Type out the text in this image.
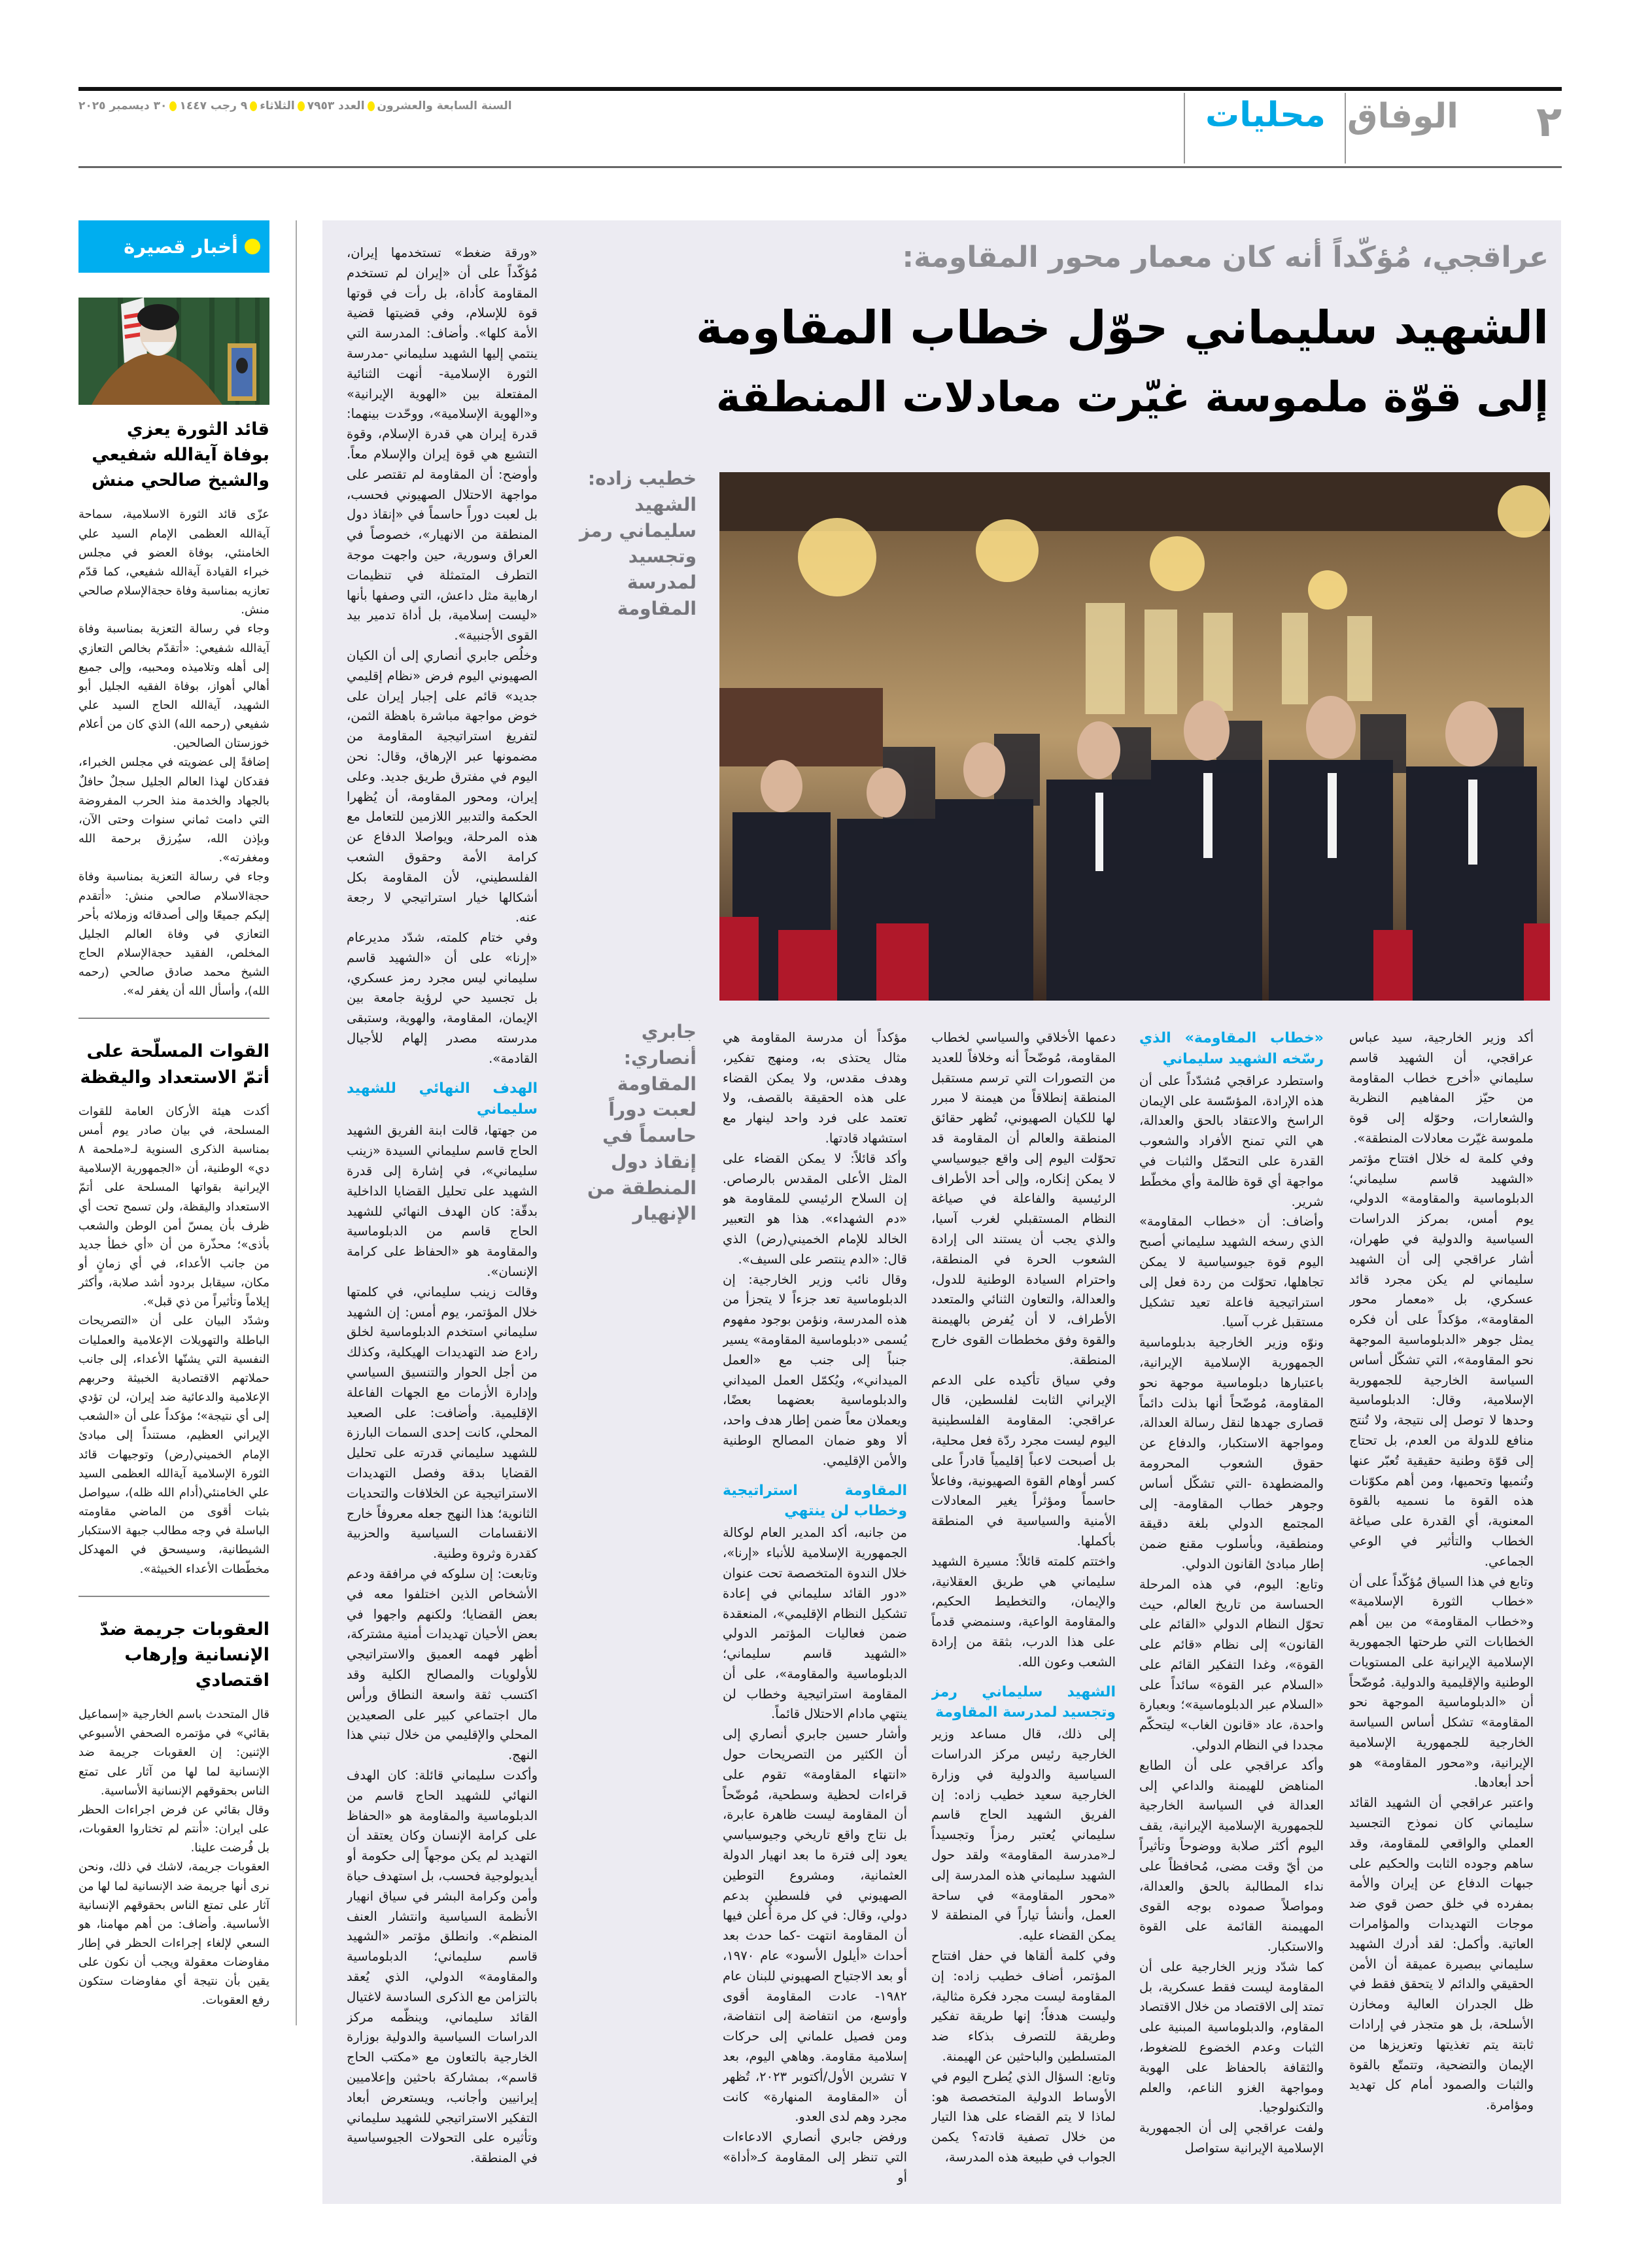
٢
الوفاق
محليات
السنة السابعة والعشرونالعدد ٧٩٥٣الثلاثاء٩ رجب ١٤٤٧٣٠ ديسمبر ٢٠٢٥
أخبار قصيرة
قائد الثورة يعزي بوفاة آيةالله شفيعي والشيخ صالحي منش

عزّى قائد الثورة الاسلامية، سماحة آيةالله العظمى الإمام السيد علي الخامنئي، بوفاة العضو في مجلس خبراء القيادة آيةالله شفيعي، كما قدّم تعازيه بمناسبة وفاة حجةالإسلام صالحي منش.

وجاء في رسالة التعزية بمناسبة وفاة آيةالله شفيعي: «أتقدّم بخالص التعازي إلى أهله وتلاميذه ومحبيه، وإلى جميع أهالي أهواز، بوفاة الفقيه الجليل أبو الشهيد، آيةالله الحاج السيد علي شفيعي (رحمه الله) الذي كان من أعلام خوزستان الصالحين.

إضافةً إلى عضويته في مجلس الخبراء، فقدكان لهذا العالم الجليل سجلٌ حافلٌ بالجهاد والخدمة منذ الحرب المفروضة التي دامت ثماني سنوات وحتى الآن، وبإذن الله، سيُرزق برحمة الله ومغفرته».

وجاء في رسالة التعزية بمناسبة وفاة حجةالاسلام صالحي منش: «أتقدم إليكم جميعًا وإلى أصدقائه وزملائه بأحر التعازي في وفاة العالم الجليل المخلص، الفقيد حجةالإسلام الحاج الشيخ محمد صادق صالحي (رحمه الله)، وأسأل الله أن يغفر له».

القوات المسلّحة على أتمّ الاستعداد واليقظة

أكدت هيئة الأركان العامة للقوات المسلحة، في بيان صادر يوم أمس بمناسبة الذكرى السنوية لـ«ملحمة ٨ دي» الوطنية، أن «الجمهورية الإسلامية الإيرانية بقواتها المسلحة على أتمّ الاستعداد واليقظة، ولن تسمح تحت أي ظرف بأن يمسّ أمن الوطن والشعب بأذى»؛ محذّرة من أن «أي خطأ جديد من جانب الأعداء، في أي زمانٍ أو مكان، سيقابل بردود أشد صلابة، وأكثر إيلاماً وتأثيراً من ذي قبل».

وشدّد البيان على أن «التصريحات الباطلة والتهويلات الإعلامية والعمليات النفسية التي يشنّها الأعداء، إلى جانب حملاتهم الاقتصادية الخبيثة وحربهم الإعلامية والدعائية ضد إيران، لن تؤدي إلى أي نتيجة»؛ مؤكداً على أن «الشعب الإيراني العظيم، مستنداً إلى مبادئ الإمام الخميني(رض) وتوجيهات قائد الثورة الإسلامية آيةالله العظمى السيد علي الخامنئي(أدام الله ظله)، سيواصل بثبات أقوى من الماضي مقاومته الباسلة في وجه مطالب جبهة الاستكبار الشيطانية، وسيسحق في المهدكل مخطّطات الأعداء الخبيثة».

العقوبات جريمة ضدّ الإنسانية وإرهاب اقتصادي

قال المتحدث باسم الخارجية «إسماعيل بقائي» في مؤتمره الصحفي الأسبوعي الإثنين: إن العقوبات جريمة ضد الإنسانية لما لها من آثار على تمتع الناس بحقوقهم الإنسانية الأساسية.

وقال بقائي عن فرض اجراءات الحظر على ايران: «أنتم لم تختاروا العقوبات، بل فُرضت علينا.

العقوبات جريمة، لاشك في ذلك، ونحن نرى أنها جريمة ضد الإنسانية لما لها من آثار على تمتع الناس بحقوقهم الإنسانية الأساسية. وأضاف: من أهم مهامنا، هو السعي لإلغاء إجراءات الحظر في إطار مفاوضات معقولة ويجب أن نكون على يقين بأن نتيجة أي مفاوضات ستكون رفع العقوبات.

عراقجي، مُؤكّداً أنه كان معمار محور المقاومة:
الشهيد سليماني حوّل خطاب المقاومة
إلى قوّة ملموسة غيّرت معادلات المنطقة
خطيب زاده: الشهيد سليماني رمز وتجسيد لمدرسة المقاومة
جابري أنصاري: المقاومة لعبت دوراً حاسماً في إنقاذ دول المنطقة من الإنهيار

«ورقة ضغط» تستخدمها إيران، مُؤكّداً على أن «إيران لم تستخدم المقاومة كأداة، بل رأت في قوتها قوة للإسلام، وفي قضيتها قضية الأمة كلها». وأضاف: المدرسة التي ينتمي إليها الشهيد سليماني -مدرسة الثورة الإسلامية- أنهت الثنائية المفتعلة بين «الهوية الإيرانية» و«الهوية الإسلامية»، ووحّدت بينهما: قدرة إيران هي قدرة الإسلام، وقوة التشيع هي قوة إيران والإسلام معاً. وأوضح: أن المقاومة لم تقتصر على مواجهة الاحتلال الصهيوني فحسب، بل لعبت دوراً حاسماً في «إنقاذ دول المنطقة من الانهيار»، خصوصاً في العراق وسورية، حين واجهت موجة التطرف المتمثلة في تنظيمات ارهابية مثل داعش، التي وصفها بأنها «ليست إسلامية، بل أداة تدمير بيد القوى الأجنبية».

وخلُص جابري أنصاري إلى أن الكيان الصهيوني اليوم فرض «نظام إقليمي جديد» قائم على إجبار إيران على خوض مواجهة مباشرة باهظة الثمن، لتفريغ استراتيجية المقاومة من مضمونها عبر الإرهاق، وقال: نحن اليوم في مفترق طريق جديد. وعلى إيران، ومحور المقاومة، أن يُظهرا الحكمة والتدبير اللازمين للتعامل مع هذه المرحلة، ويواصلا الدفاع عن كرامة الأمة وحقوق الشعب الفلسطيني، لأن المقاومة بكل أشكالها خيار استراتيجي لا رجعة عنه.

وفي ختام كلمته، شدّد مديرعام «إرنا» على أن «الشهيد قاسم سليماني ليس مجرد رمز عسكري، بل تجسيد حي لرؤية جامعة بين الإيمان، المقاومة، والهوية، وستبقى مدرسته مصدر إلهام للأجيال القادمة».

الهدف النهائي للشهيد سليماني

من جهتها، قالت ابنة الفريق الشهيد الحاج قاسم سليماني السيدة «زينب سليماني»، في إشارة إلى قدرة الشهيد على تحليل القضايا الداخلية بدقّة: كان الهدف النهائي للشهيد الحاج قاسم من الدبلوماسية والمقاومة هو «الحفاظ على كرامة الإنسان».

وقالت زينب سليماني، في كلمتها خلال المؤتمر، يوم أمس: إن الشهيد سليماني استخدم الدبلوماسية لخلق رادع ضد التهديدات الهيكلية، وكذلك من أجل الحوار والتنسيق السياسي وإدارة الأزمات مع الجهات الفاعلة الإقليمية. وأضافت: على الصعيد المحلي، كانت إحدى السمات البارزة للشهيد سليماني قدرته على تحليل القضايا بدقة وفصل التهديدات الاستراتيجية عن الخلافات والتحديات الثانوية؛ هذا النهج جعله معروفاً خارج الانقسامات السياسية والحزبية كقدرة وثروة وطنية.

وتابعت: إن سلوكه في مرافقة ودعم الأشخاص الذين اختلفوا معه في بعض القضايا؛ ولكنهم واجهوا في بعض الأحيان تهديدات أمنية مشتركة، أظهر فهمه العميق والاستراتيجي للأولويات والمصالح الكلية وقد اكتسب ثقة واسعة النطاق ورأس مال اجتماعي كبير على الصعيدين المحلي والإقليمي من خلال تبني هذا النهج.

وأكدت سليماني قائلة: كان الهدف النهائي للشهيد الحاج قاسم من الدبلوماسية والمقاومة هو «الحفاظ على كرامة الإنسان وكان يعتقد أن التهديد لم يكن موجهاً إلى حكومة أو أيديولوجية فحسب، بل استهدف حياة وأمن وكرامة البشر في سياق انهيار الأنظمة السياسية وانتشار العنف المنظم». وانطلق مؤتمر «الشهيد قاسم سليماني؛ الدبلوماسية والمقاومة» الدولي، الذي يُعقد بالتزامن مع الذكرى السادسة لاغتيال القائد سليماني، وينظّمه مركز الدراسات السياسية والدولية بوزارة الخارجية بالتعاون مع «مكتب الحاج قاسم»، بمشاركة باحثين وإعلاميين إيرانيين وأجانب، ويستعرض أبعاد التفكير الاستراتيجي للشهيد سليماني وتأثيره على التحولات الجيوسياسية في المنطقة.

أكد وزير الخارجية، سيد عباس عراقجي، أن الشهيد قاسم سليماني «أخرج خطاب المقاومة من حيّز المفاهيم النظرية والشعارات، وحوّله إلى قوة ملموسة غيّرت معادلات المنطقة».

وفي كلمة له خلال افتتاح مؤتمر «الشهيد قاسم سليماني؛ الدبلوماسية والمقاومة» الدولي، يوم أمس، بمركز الدراسات السياسية والدولية في طهران، أشار عراقجي إلى أن الشهيد سليماني لم يكن مجرد قائد عسكري، بل «معمار محور المقاومة»، مؤكداً على أن فكره يمثل جوهر «الدبلوماسية الموجهة نحو المقاومة»، التي تشكّل أساس السياسة الخارجية للجمهورية الإسلامية، وقال: الدبلوماسية وحدها لا توصل إلى نتيجة، ولا تُنتج منافع للدولة من العدم، بل تحتاج إلى قوّة وطنية حقيقية تُعبّر عنها وتُنميها وتحميها، ومن أهم مكوّنات هذه القوة ما نسميه بالقوة المعنوية، أي القدرة على صياغة الخطاب والتأثير في الوعي الجماعي.

وتابع في هذا السياق مُؤكّداً على أن «خطاب الثورة الإسلامية» و«خطاب المقاومة» من بين أهم الخطابات التي طرحتها الجمهورية الإسلامية الإيرانية على المستويات الوطنية والإقليمية والدولية. مُوضّحاً أن «الدبلوماسية الموجهة نحو المقاومة» تشكل أساس السياسة الخارجية للجمهورية الإسلامية الإيرانية، و«محور المقاومة» هو أحد أبعادها.

واعتبر عراقجي أن الشهيد القائد سليماني كان نموذج التجسيد العملي والواقعي للمقاومة، وقد ساهم وجوده الثابت والحكيم على جبهات الدفاع عن إيران والأمة بمفرده في خلق حصن قوي ضد موجات التهديدات والمؤامرات العاتية. وأكمل: لقد أدرك الشهيد سليماني ببصيرة عميقة أن الأمن الحقيقي والدائم لا يتحقق فقط في ظل الجدران العالية ومخازن الأسلحة، بل هو متجذر في إرادات ثابتة يتم تغذيتها وتعزيزها من الإيمان والتضحية، وتتمتّع بالقوة والثبات والصمود أمام كل تهديد ومؤامرة.

«خطاب المقاومة» الذي رسّخه الشهيد سليماني

واستطرد عراقجي مُشدّداً على أن هذه الإرادة، المؤسّسة على الإيمان الراسخ والاعتقاد بالحق والعدالة، هي التي تمنح الأفراد والشعوب القدرة على التحمّل والثبات في مواجهة أي قوة ظالمة وأي مخطّط شرير.

وأضاف: أن «خطاب المقاومة» الذي رسخه الشهيد سليماني أصبح اليوم قوة جيوسياسية لا يمكن تجاهلها، تحوّلت من ردة فعل إلى استراتيجية فاعلة تعيد تشكيل مستقبل غرب آسيا.

ونوّه وزير الخارجية بدبلوماسية الجمهورية الإسلامية الإيرانية، باعتبارها دبلوماسية موجهة نحو المقاومة، مُوضّحاً أنها بذلت دائماً قصارى جهدها لنقل رسالة العدالة، ومواجهة الاستكبار، والدفاع عن حقوق الشعوب المحرومة والمضطهدة -التي تشكّل أساس وجوهر خطاب المقاومة- إلى المجتمع الدولي بلغة دقيقة ومنطقية، وبأسلوب مقنع ضمن إطار مبادئ القانون الدولي.

وتابع: اليوم، في هذه المرحلة الحساسة من تاريخ العالم، حيث تحوّل النظام الدولي «القائم على القانون» إلى نظام «قائم على القوة»، وغدا التفكير القائم على «السلام عبر القوة» سائداً على «السلام عبر الدبلوماسية»؛ وبعبارة واحدة، عاد «قانون الغاب» ليتحكّم مجددا في النظام الدولي.

وأكد عراقجي على أن الطابع المناهض للهيمنة والداعي إلى العدالة في السياسة الخارجية للجمهورية الإسلامية الإيرانية، يقف اليوم أكثر صلابة ووضوحاً وتأثيراً من أيّ وقت مضى، مُحافظاً على نداء المطالبة بالحق والعدالة، ومواصلاً صموده بوجه القوى المهيمنة القائمة على القوة والاستكبار.

كما شدّد وزير الخارجية على أن المقاومة ليست فقط عسكرية، بل تمتد إلى الاقتصاد من خلال الاقتصاد المقاوم، والدبلوماسية المبنية على الثبات وعدم الخضوع للضغوط، والثقافة بالحفاظ على الهوية ومواجهة الغزو الناعم، والعلم والتكنولوجيا.

ولفت عراقجي إلى أن الجمهورية الإسلامية الإيرانية ستواصل

دعمها الأخلاقي والسياسي لخطاب المقاومة، مُوضّحاً أنه وخلافاً للعديد من التصورات التي ترسم مستقبل المنطقة إنطلاقاً من هيمنة لا مبرر لها للكيان الصهيوني، تُظهر حقائق المنطقة والعالم أن المقاومة قد تحوّلت اليوم إلى واقع جيوسياسي لا يمكن إنكاره، وإلى أحد الأطراف الرئيسية والفاعلة في صياغة النظام المستقبلي لغرب آسيا، والذي يجب أن يستند الى إرادة الشعوب الحرة في المنطقة، واحترام السيادة الوطنية للدول، والعدالة، والتعاون الثنائي والمتعدد الأطراف، لا أن يُفرض بالهيمنة والقوة وفق مخططات القوى خارج المنطقة.

وفي سياق تأكيده على الدعم الإيراني الثابت لفلسطين، قال عراقجي: المقاومة الفلسطينية اليوم ليست مجرد ردّة فعل محلية، بل أصبحت لاعباً إقليمياً قادراً على كسر أوهام القوة الصهيونية، وفاعلاً حاسماً ومؤثراً يغير المعادلات الأمنية والسياسية في المنطقة بأكملها.

واختتم كلمته قائلاً: مسيرة الشهيد سليماني هي طريق العقلانية، والإيمان، والتخطيط الحكيم، والمقاومة الواعية، وسنمضي قدماً على هذا الدرب، بثقة من إرادة الشعب وعون الله.

الشهيد سليماني رمز وتجسيد لمدرسة المقاومة

إلى ذلك، قال مساعد وزير الخارجية رئيس مركز الدراسات السياسية والدولية في وزارة الخارجية سعيد خطيب زاده: إن الفريق الشهيد الحاج قاسم سليماني يُعتبر رمزاً وتجسيداً لـ«مدرسة المقاومة» ولقد حول الشهيد سليماني هذه المدرسة إلى «محور المقاومة» في ساحة العمل، وأنشأ تياراً في المنطقة لا يمكن القضاء عليه.

وفي كلمة ألقاها في حفل افتتاح المؤتمر، أضاف خطيب زاده: إن المقاومة ليست مجرد فكرة مثالية، وليست هدفاً؛ إنها طريقة تفكير وطريقة للتصرف بذكاء ضد المتسلطين والباحثين عن الهيمنة.

وتابع: السؤال الذي يُطرح اليوم في الأوساط الدولية المتخصصة هو: لماذا لا يتم القضاء على هذا التيار من خلال تصفية قادته؟ يكمن الجواب في طبيعة هذه المدرسة،

مؤكداً أن مدرسة المقاومة هي مثال يحتذى به، ومنهج تفكير، وهدف مقدس، ولا يمكن القضاء على هذه الحقيقة بالقصف، ولا تعتمد على فرد واحد لينهار مع استشهاد قادتها.

وأكد قائلاً: لا يمكن القضاء على المثل الأعلى المقدس بالرصاص. إن السلاح الرئيسي للمقاومة هو «دم الشهداء». هذا هو التعبير الخالد للإمام الخميني(رض) الذي قال: «الدم ينتصر على السيف».

وقال نائب وزير الخارجية: إن الدبلوماسية تعد جزءاً لا يتجزأ من هذه المدرسة، ونؤمن بوجود مفهوم يُسمى «دبلوماسية المقاومة» يسير جنباً إلى جنب مع «العمل الميداني»، ويُكمّل العمل الميداني والدبلوماسية بعضهما بعضًا، ويعملان معاً ضمن إطار هدف واحد، ألا وهو ضمان المصالح الوطنية والأمن الإقليمي.

المقاومة استراتيجية وخطاب لن ينتهي

من جانبه، أكد المدير العام لوكالة الجمهورية الإسلامية للأنباء «إرنا»، خلال الندوة المتخصصة تحت عنوان «دور القائد سليماني في إعادة تشكيل النظام الإقليمي»، المنعقدة ضمن فعاليات المؤتمر الدولي «الشهيد قاسم سليماني؛ الدبلوماسية والمقاومة»، على أن المقاومة استراتيجية وخطاب لن ينتهي مادام الاحتلال قائماً.

وأشار حسين جابري أنصاري إلى أن الكثير من التصريحات حول «انتهاء المقاومة» تقوم على قراءات لحظية وسطحية، مُوضّحاً أن المقاومة ليست ظاهرة عابرة، بل نتاج واقع تاريخي وجيوسياسي يعود إلى فترة ما بعد انهيار الدولة العثمانية، ومشروع التوطين الصهيوني في فلسطين بدعم دولي، وقال: في كل مرة أُعلن فيها أن المقاومة انتهت -كما حدث بعد أحداث «أيلول الأسود» عام ١٩٧٠، أو بعد الاجتياح الصهيوني للبنان عام ١٩٨٢- عادت المقاومة أقوى وأوسع، من انتفاضة إلى انتفاضة، ومن فصيل علماني إلى حركات إسلامية مقاومة. وهاهي اليوم، بعد ٧ تشرين الأول/أكتوبر ٢٠٢٣، تُظهر أن «المقاومة المنهارة» كانت مجرد وهم لدى العدو.

ورفض جابري أنصاري الادعاءات التي تنظر إلى المقاومة كـ«أداة» أو
